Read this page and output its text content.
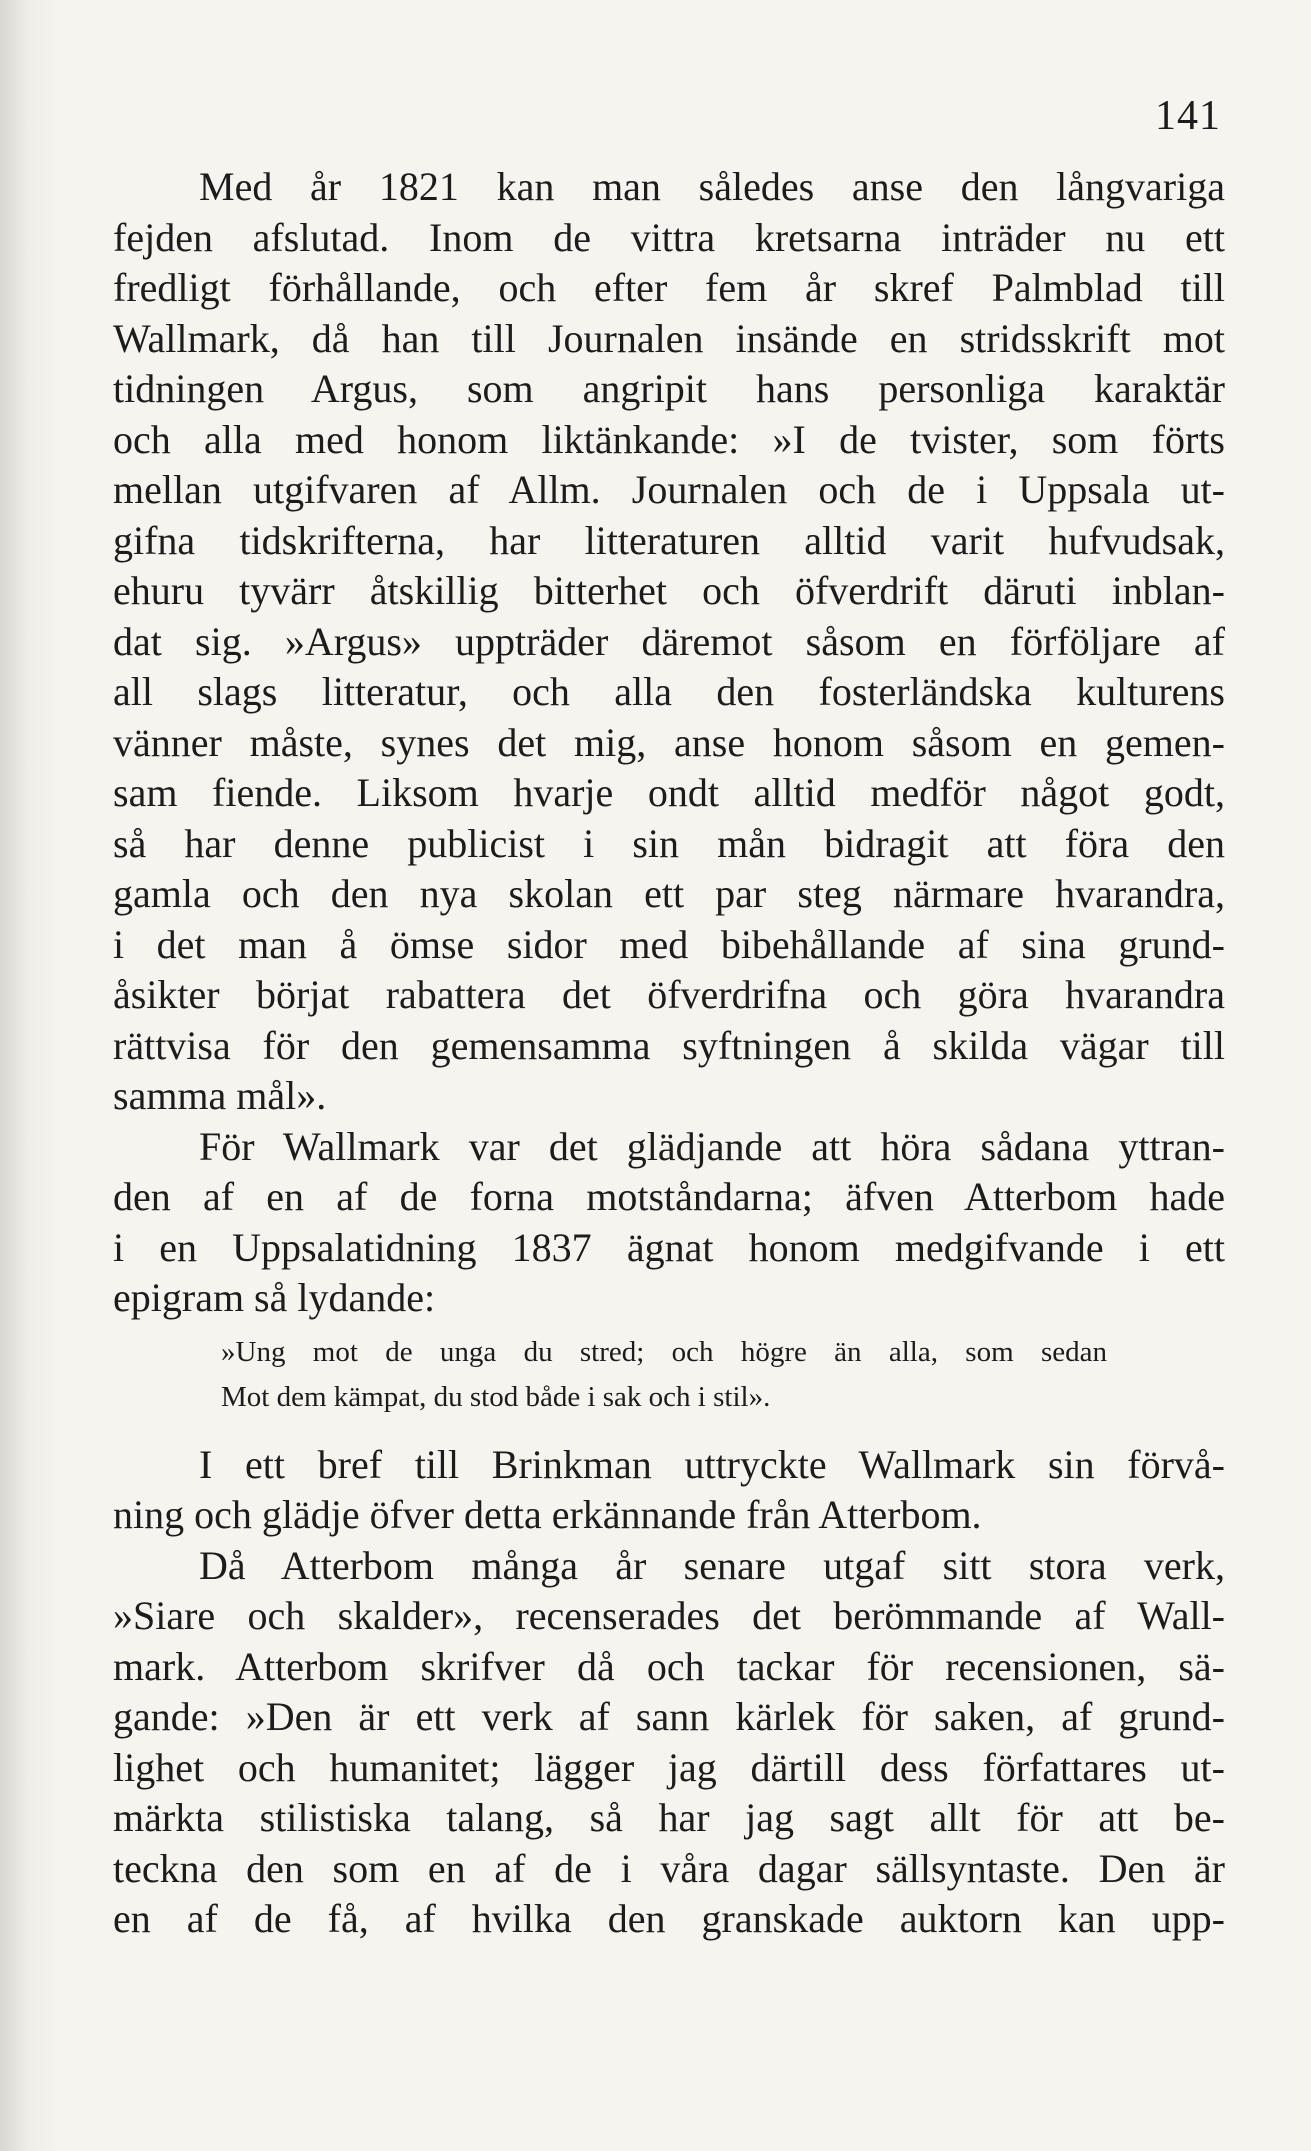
141
Med år 1821 kan man således anse den långvariga
fejden afslutad. Inom de vittra kretsarna inträder nu ett
fredligt förhållande, och efter fem år skref Palmblad till
Wallmark, då han till Journalen insände en stridsskrift mot
tidningen Argus, som angripit hans personliga karaktär
och alla med honom liktänkande: »I de tvister, som förts
mellan utgifvaren af Allm. Journalen och de i Uppsala ut-
gifna tidskrifterna, har litteraturen alltid varit hufvudsak,
ehuru tyvärr åtskillig bitterhet och öfverdrift däruti inblan-
dat sig. »Argus» uppträder däremot såsom en förföljare af
all slags litteratur, och alla den fosterländska kulturens
vänner måste, synes det mig, anse honom såsom en gemen-
sam fiende. Liksom hvarje ondt alltid medför något godt,
så har denne publicist i sin mån bidragit att föra den
gamla och den nya skolan ett par steg närmare hvarandra,
i det man å ömse sidor med bibehållande af sina grund-
åsikter börjat rabattera det öfverdrifna och göra hvarandra
rättvisa för den gemensamma syftningen å skilda vägar till
samma mål».
För Wallmark var det glädjande att höra sådana yttran-
den af en af de forna motståndarna; äfven Atterbom hade
i en Uppsalatidning 1837 ägnat honom medgifvande i ett
epigram så lydande:
»Ung mot de unga du stred; och högre än alla, som sedan
Mot dem kämpat, du stod både i sak och i stil».
I ett bref till Brinkman uttryckte Wallmark sin förvå-
ning och glädje öfver detta erkännande från Atterbom.
Då Atterbom många år senare utgaf sitt stora verk,
»Siare och skalder», recenserades det berömmande af Wall-
mark. Atterbom skrifver då och tackar för recensionen, sä-
gande: »Den är ett verk af sann kärlek för saken, af grund-
lighet och humanitet; lägger jag därtill dess författares ut-
märkta stilistiska talang, så har jag sagt allt för att be-
teckna den som en af de i våra dagar sällsyntaste. Den är
en af de få, af hvilka den granskade auktorn kan upp-
